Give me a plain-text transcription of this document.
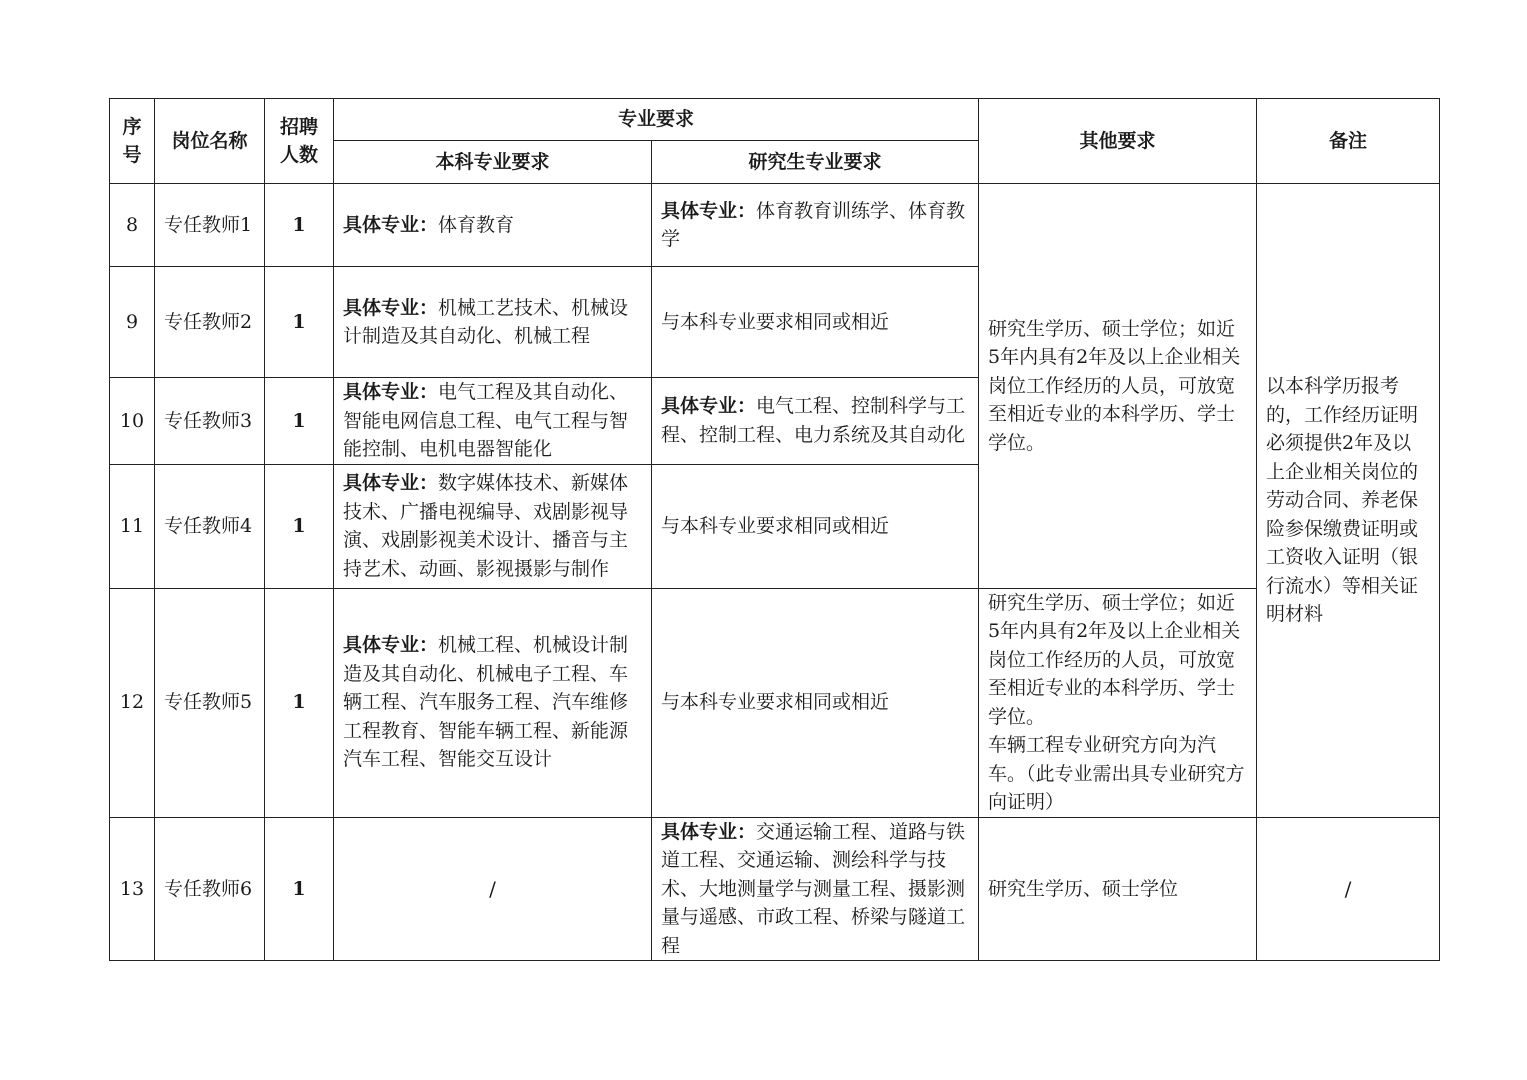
序号	岗位名称	招聘人数	专业要求		其他要求	备注
			本科专业要求	研究生专业要求		
8	专任教师1	1	具体专业：体育教育	具体专业：体育教育训练学、体育教学	研究生学历、硕士学位；如近5年内具有2年及以上企业相关岗位工作经历的人员，可放宽至相近专业的本科学历、学士学位。	以本科学历报考的，工作经历证明必须提供2年及以上企业相关岗位的劳动合同、养老保险参保缴费证明或工资收入证明（银行流水）等相关证明材料
9	专任教师2	1	具体专业：机械工艺技术、机械设计制造及其自动化、机械工程	与本科专业要求相同或相近		
10	专任教师3	1	具体专业：电气工程及其自动化、智能电网信息工程、电气工程与智能控制、电机电器智能化	具体专业：电气工程、控制科学与工程、控制工程、电力系统及其自动化		
11	专任教师4	1	具体专业：数字媒体技术、新媒体技术、广播电视编导、戏剧影视导演、戏剧影视美术设计、播音与主持艺术、动画、影视摄影与制作	与本科专业要求相同或相近		
12	专任教师5	1	具体专业：机械工程、机械设计制造及其自动化、机械电子工程、车辆工程、汽车服务工程、汽车维修工程教育、智能车辆工程、新能源汽车工程、智能交互设计	与本科专业要求相同或相近	研究生学历、硕士学位；如近5年内具有2年及以上企业相关岗位工作经历的人员，可放宽至相近专业的本科学历、学士学位。
车辆工程专业研究方向为汽车。（此专业需出具专业研究方向证明）	

13	专任教师6	1	/	具体专业：交通运输工程、道路与铁道工程、交通运输、测绘科学与技术、大地测量学与测量工程、摄影测量与遥感、市政工程、桥梁与隧道工程	研究生学历、硕士学位	/
